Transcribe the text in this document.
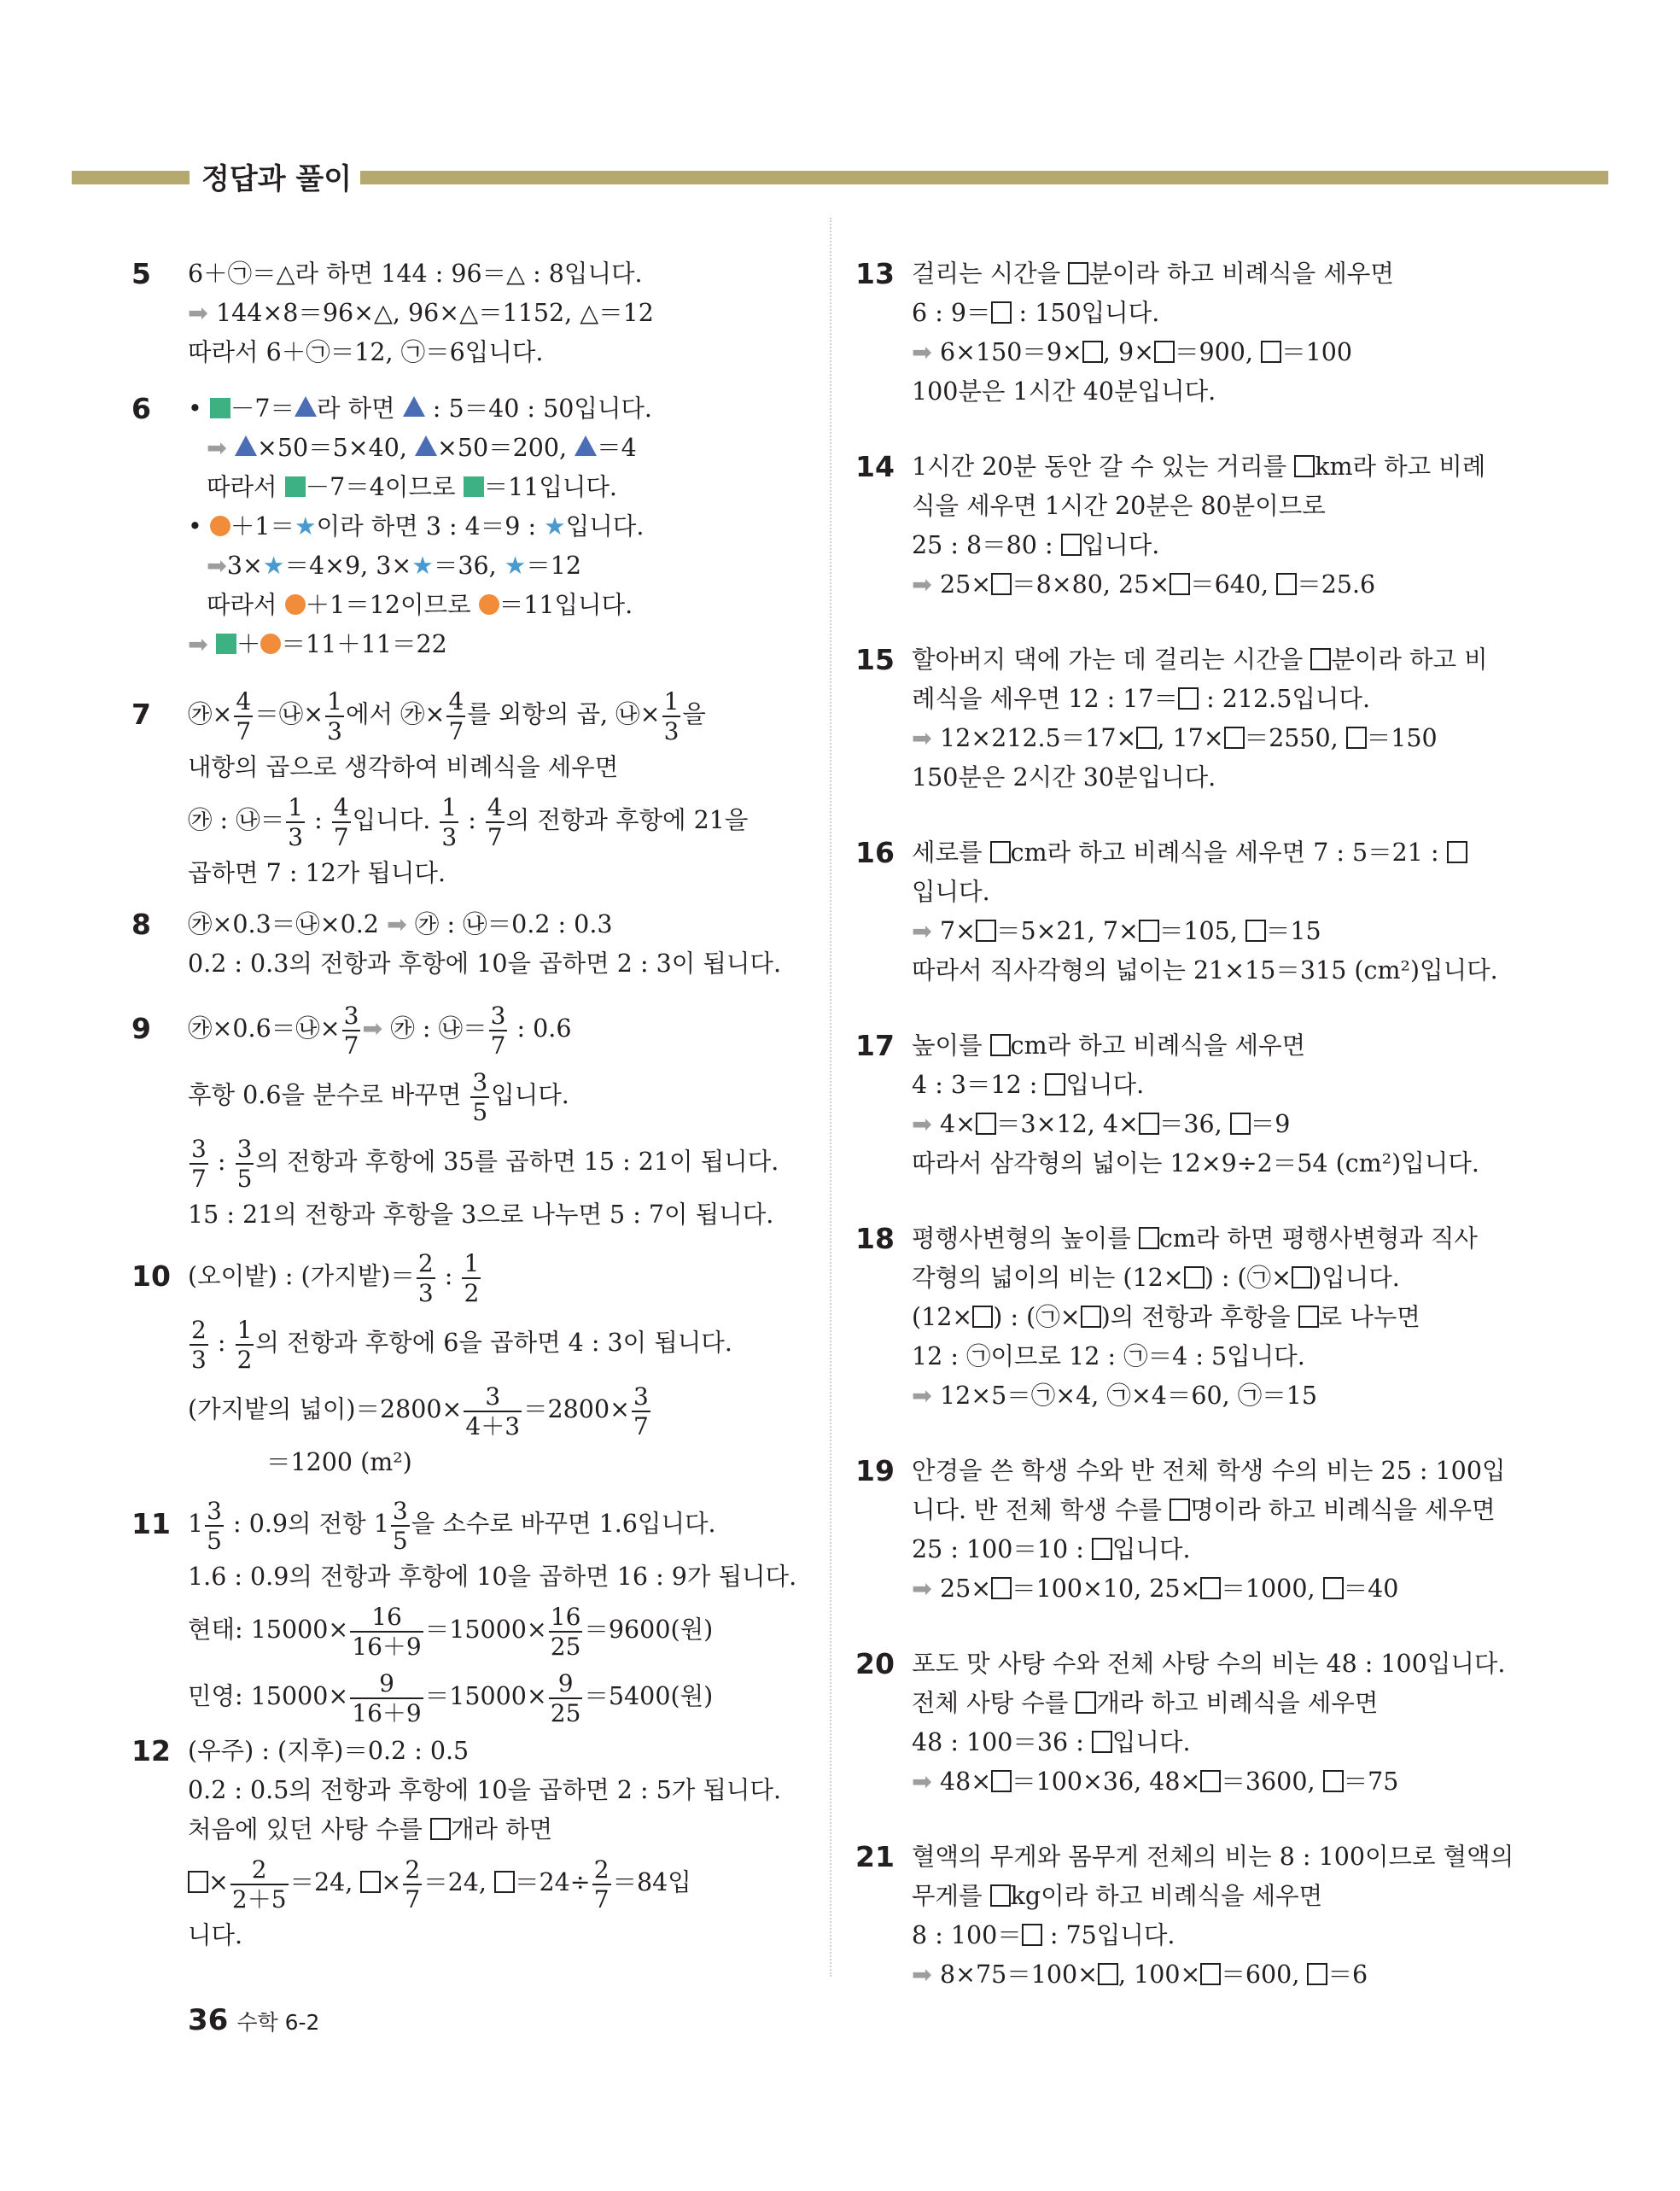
정답과 풀이
5 6＋㉠＝△라 하면 144 : 96＝△ : 8입니다.
➡ 144×8＝96×△, 96×△＝1152, △＝12
따라서 6＋㉠＝12, ㉠＝6입니다.
6 • －7＝ 라 하면  : 5＝40 : 50입니다.
➡ ×50＝5×40, ×50＝200, ＝4
따라서 －7＝4이므로 ＝11입니다.
• ＋1＝★이라 하면 3 : 4＝9 : ★입니다.
➡3×★＝4×9, 3×★＝36, ★＝12
따라서 ＋1＝12이므로 ＝11입니다.
➡ ＋ ＝11＋11＝22
7 ㉮× $\frac{4}{7}$ ＝㉯× $\frac{1}{3}$ 에서 ㉮× $\frac{4}{7}$ 를 외항의 곱, ㉯× $\frac{1}{3}$ 을
내항의 곱으로 생각하여 비례식을 세우면
㉮ : ㉯＝ $\frac{1}{3}$ : $\frac{4}{7}$ 입니다. $\frac{1}{3}$ : $\frac{4}{7}$ 의 전항과 후항에 21을
곱하면 7 : 12가 됩니다.
8 ㉮×0.3＝㉯×0.2 ➡ ㉮ : ㉯＝0.2 : 0.3
0.2 : 0.3의 전항과 후항에 10을 곱하면 2 : 3이 됩니다.
9 ㉮×0.6＝㉯× $\frac{3}{7}$ ➡ ㉮ : ㉯＝ $\frac{3}{7}$ : 0.6
후항 0.6을 분수로 바꾸면 $\frac{3}{5}$ 입니다.
$\frac{3}{7}$ : $\frac{3}{5}$ 의 전항과 후항에 35를 곱하면 15 : 21이 됩니다.
15 : 21의 전항과 후항을 3으로 나누면 5 : 7이 됩니다.
10 (오이밭) : (가지밭)＝ $\frac{2}{3}$ : $\frac{1}{2}$
$\frac{2}{3}$ : $\frac{1}{2}$ 의 전항과 후항에 6을 곱하면 4 : 3이 됩니다.
(가지밭의 넓이)$=2800\times \frac{3}{4+3} =2800\times \frac{3}{7}$
＝1200 (m²)
11 $1 \frac{3}{5}$ : 0.9의 전항 $1 \frac{3}{5}$ 을 소수로 바꾸면 1.6입니다.
1.6 : 0.9의 전항과 후항에 10을 곱하면 16 : 9가 됩니다.
현태: $15000\times \frac{16}{16+9} =15000\times \frac{16}{25} =9600$(원)
민영: $15000\times \frac{9}{16+9} =15000\times \frac{9}{25} =5400$(원)
12 (우주) : (지후)＝0.2 : 0.5
0.2 : 0.5의 전항과 후항에 10을 곱하면 2 : 5가 됩니다.
처음에 있던 사탕 수를 개라 하면
× $\frac{2}{2+5} =24$, × $\frac{2}{7} =24$, $=24\div \frac{2}{7} =84$입
니다.
13 걸리는 시간을 분이라 하고 비례식을 세우면
6 : 9＝ : 150입니다.
➡ 6×150＝9× , 9× ＝900, ＝100
100분은 1시간 40분입니다.
14 1시간 20분 동안 갈 수 있는 거리를 km라 하고 비례
식을 세우면 1시간 20분은 80분이므로
25 : 8＝80 : 입니다.
➡ 25× ＝8×80, 25× ＝640, ＝25.6
15 할아버지 댁에 가는 데 걸리는 시간을 분이라 하고 비
례식을 세우면 12 : 17＝ : 212.5입니다.
➡ 12×212.5＝17× , 17× ＝2550, ＝150
150분은 2시간 30분입니다.
16 세로를 cm라 하고 비례식을 세우면 7 : 5＝21 :
입니다.
➡ 7× ＝5×21, 7× ＝105, ＝15
따라서 직사각형의 넓이는 21×15＝315 (cm²)입니다.
17 높이를 cm라 하고 비례식을 세우면
4 : 3＝12 : 입니다.
➡ 4× ＝3×12, 4× ＝36, ＝9
따라서 삼각형의 넓이는 12×9÷2＝54 (cm²)입니다.
18 평행사변형의 높이를 cm라 하면 평행사변형과 직사
각형의 넓이의 비는 (12× ) : (㉠× )입니다.
(12× ) : (㉠× )의 전항과 후항을 로 나누면
12 : ㉠이므로 12 : ㉠＝4 : 5입니다.
➡ 12×5＝㉠×4, ㉠×4＝60, ㉠＝15
19 안경을 쓴 학생 수와 반 전체 학생 수의 비는 25 : 100입
니다. 반 전체 학생 수를 명이라 하고 비례식을 세우면
25 : 100＝10 : 입니다.
➡ 25× ＝100×10, 25× ＝1000, ＝40
20 포도 맛 사탕 수와 전체 사탕 수의 비는 48 : 100입니다.
전체 사탕 수를 개라 하고 비례식을 세우면
48 : 100＝36 : 입니다.
➡ 48× ＝100×36, 48× ＝3600, ＝75
21 혈액의 무게와 몸무게 전체의 비는 8 : 100이므로 혈액의
무게를 kg이라 하고 비례식을 세우면
8 : 100＝ : 75입니다.
➡ 8×75＝100× , 100× ＝600, ＝6
36 수학 6-2
